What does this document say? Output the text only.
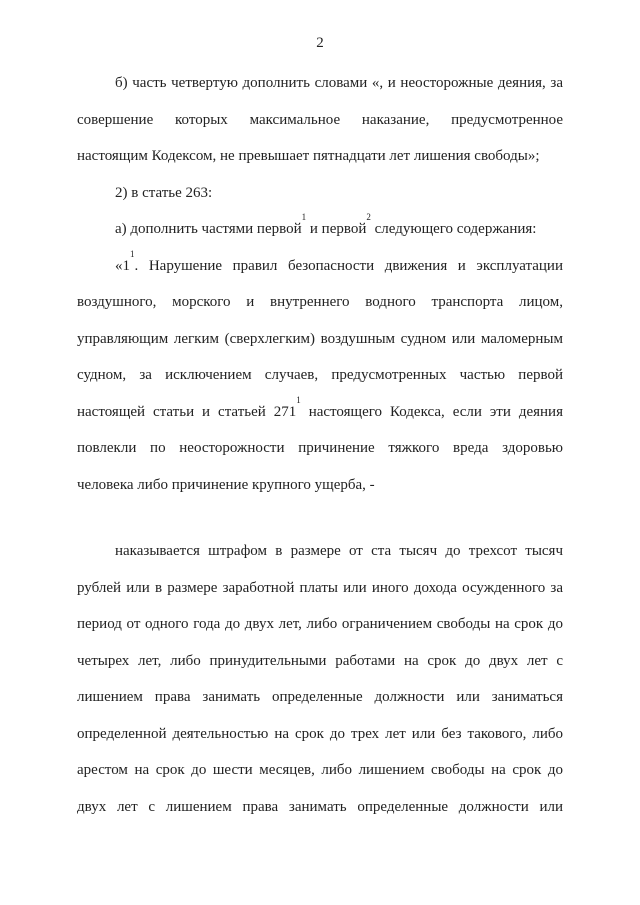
2
б) часть четвертую дополнить словами «, и неосторожные деяния, за
совершение которых максимальное наказание, предусмотренное
настоящим Кодексом, не превышает пятнадцати лет лишения свободы»;
2) в статье 263:
а) дополнить частями первой$^1$ и первой$^2$ следующего содержания:
«$1^1$. Нарушение правил безопасности движения и эксплуатации
воздушного, морского и внутреннего водного транспорта лицом,
управляющим легким (сверхлегким) воздушным судном или маломерным
судном, за исключением случаев, предусмотренных частью первой
настоящей статьи и статьей $271^1$ настоящего Кодекса, если эти деяния
повлекли по неосторожности причинение тяжкого вреда здоровью
человека либо причинение крупного ущерба, -
наказывается штрафом в размере от ста тысяч до трехсот тысяч
рублей или в размере заработной платы или иного дохода осужденного за
период от одного года до двух лет, либо ограничением свободы на срок до
четырех лет, либо принудительными работами на срок до двух лет с
лишением права занимать определенные должности или заниматься
определенной деятельностью на срок до трех лет или без такового, либо
арестом на срок до шести месяцев, либо лишением свободы на срок до
двух лет с лишением права занимать определенные должности или
